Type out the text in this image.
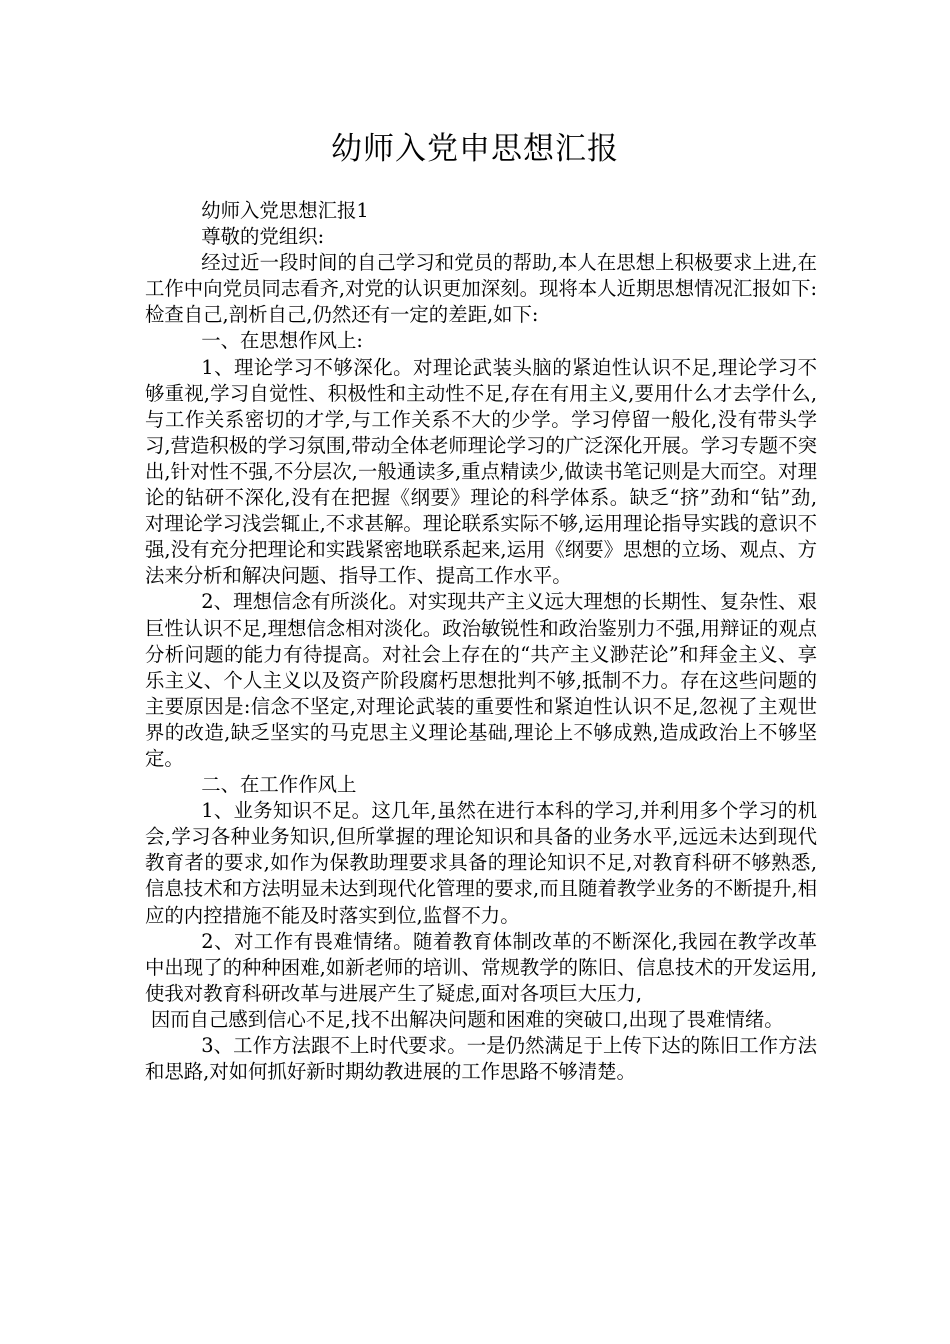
幼师入党申思想汇报

幼师入党思想汇报1

尊敬的党组织:

经过近一段时间的自己学习和党员的帮助,本人在思想上积极要求上进,在工作中向党员同志看齐,对党的认识更加深刻。现将本人近期思想情况汇报如下:检查自己,剖析自己,仍然还有一定的差距,如下:

一、在思想作风上:

1、理论学习不够深化。对理论武装头脑的紧迫性认识不足,理论学习不够重视,学习自觉性、积极性和主动性不足,存在有用主义,要用什么才去学什么,与工作关系密切的才学,与工作关系不大的少学。学习停留一般化,没有带头学习,营造积极的学习氛围,带动全体老师理论学习的广泛深化开展。学习专题不突出,针对性不强,不分层次,一般通读多,重点精读少,做读书笔记则是大而空。对理论的钻研不深化,没有在把握《纲要》理论的科学体系。缺乏“挤”劲和“钻”劲,对理论学习浅尝辄止,不求甚解。理论联系实际不够,运用理论指导实践的意识不强,没有充分把理论和实践紧密地联系起来,运用《纲要》思想的立场、观点、方法来分析和解决问题、指导工作、提高工作水平。

2、理想信念有所淡化。对实现共产主义远大理想的长期性、复杂性、艰巨性认识不足,理想信念相对淡化。政治敏锐性和政治鉴别力不强,用辩证的观点分析问题的能力有待提高。对社会上存在的“共产主义渺茫论”和拜金主义、享乐主义、个人主义以及资产阶段腐朽思想批判不够,抵制不力。存在这些问题的主要原因是:信念不坚定,对理论武装的重要性和紧迫性认识不足,忽视了主观世界的改造,缺乏坚实的马克思主义理论基础,理论上不够成熟,造成政治上不够坚定。

二、在工作作风上

1、业务知识不足。这几年,虽然在进行本科的学习,并利用多个学习的机会,学习各种业务知识,但所掌握的理论知识和具备的业务水平,远远未达到现代教育者的要求,如作为保教助理要求具备的理论知识不足,对教育科研不够熟悉,信息技术和方法明显未达到现代化管理的要求,而且随着教学业务的不断提升,相应的内控措施不能及时落实到位,监督不力。

2、对工作有畏难情绪。随着教育体制改革的不断深化,我园在教学改革中出现了的种种困难,如新老师的培训、常规教学的陈旧、信息技术的开发运用,使我对教育科研改革与进展产生了疑虑,面对各项巨大压力,

因而自己感到信心不足,找不出解决问题和困难的突破口,出现了畏难情绪。

3、工作方法跟不上时代要求。一是仍然满足于上传下达的陈旧工作方法和思路,对如何抓好新时期幼教进展的工作思路不够清楚。
